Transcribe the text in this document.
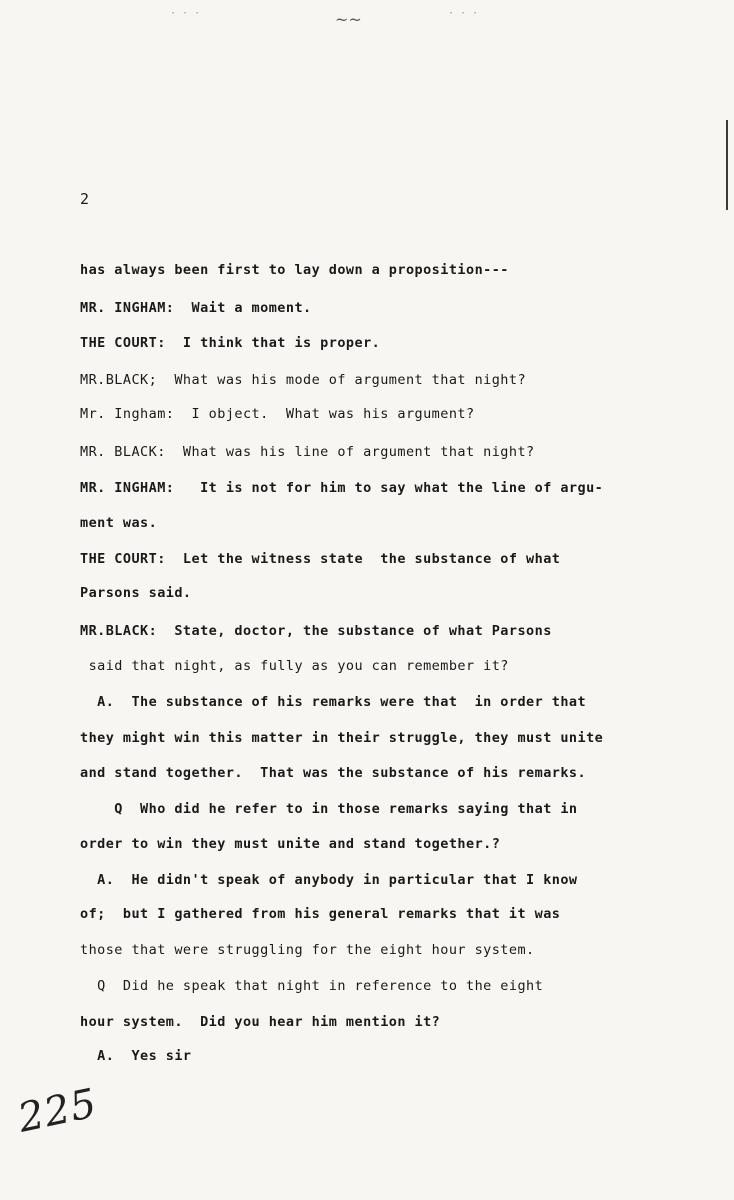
· · ·	~~	· · ·
2
has always been first to lay down a proposition---
MR. INGHAM:  Wait a moment.
THE COURT:  I think that is proper.
MR.BLACK;  What was his mode of argument that night?
Mr. Ingham:  I object.  What was his argument?
MR. BLACK:  What was his line of argument that night?
MR. INGHAM:   It is not for him to say what the line of argu-
ment was.
THE COURT:  Let the witness state  the substance of what
Parsons said.
MR.BLACK:  State, doctor, the substance of what Parsons
said that night, as fully as you can remember it?
A.  The substance of his remarks were that  in order that
they might win this matter in their struggle, they must unite
and stand together.  That was the substance of his remarks.
Q  Who did he refer to in those remarks saying that in
order to win they must unite and stand together.?
A.  He didn't speak of anybody in particular that I know
of;  but I gathered from his general remarks that it was
those that were struggling for the eight hour system.
Q  Did he speak that night in reference to the eight
hour system.  Did you hear him mention it?
A.  Yes sir
225
